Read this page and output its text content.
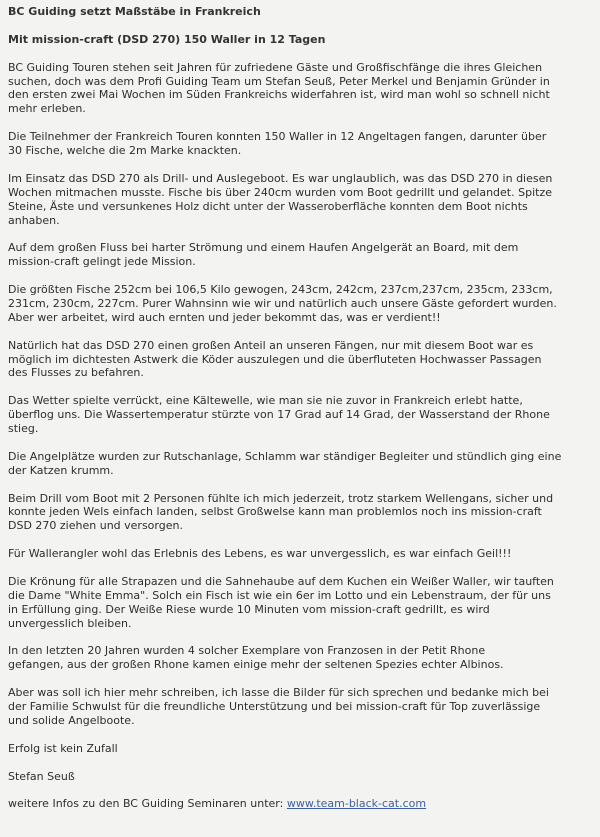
BC Guiding setzt Maßstäbe in Frankreich

Mit mission-craft (DSD 270) 150 Waller in 12 Tagen

BC Guiding Touren stehen seit Jahren für zufriedene Gäste und Großfischfänge die ihres Gleichen
suchen, doch was dem Profi Guiding Team um Stefan Seuß, Peter Merkel und Benjamin Gründer in
den ersten zwei Mai Wochen im Süden Frankreichs widerfahren ist, wird man wohl so schnell nicht
mehr erleben.

Die Teilnehmer der Frankreich Touren konnten 150 Waller in 12 Angeltagen fangen, darunter über
30 Fische, welche die 2m Marke knackten.

Im Einsatz das DSD 270 als Drill- und Auslegeboot. Es war unglaublich, was das DSD 270 in diesen
Wochen mitmachen musste. Fische bis über 240cm wurden vom Boot gedrillt und gelandet. Spitze
Steine, Äste und versunkenes Holz dicht unter der Wasseroberfläche konnten dem Boot nichts
anhaben.

Auf dem großen Fluss bei harter Strömung und einem Haufen Angelgerät an Board, mit dem
mission-craft gelingt jede Mission.

Die größten Fische 252cm bei 106,5 Kilo gewogen, 243cm, 242cm, 237cm,237cm, 235cm, 233cm,
231cm, 230cm, 227cm. Purer Wahnsinn wie wir und natürlich auch unsere Gäste gefordert wurden.
Aber wer arbeitet, wird auch ernten und jeder bekommt das, was er verdient!!

Natürlich hat das DSD 270 einen großen Anteil an unseren Fängen, nur mit diesem Boot war es
möglich im dichtesten Astwerk die Köder auszulegen und die überfluteten Hochwasser Passagen
des Flusses zu befahren.

Das Wetter spielte verrückt, eine Kältewelle, wie man sie nie zuvor in Frankreich erlebt hatte,
überflog uns. Die Wassertemperatur stürzte von 17 Grad auf 14 Grad, der Wasserstand der Rhone
stieg.

Die Angelplätze wurden zur Rutschanlage, Schlamm war ständiger Begleiter und stündlich ging eine
der Katzen krumm.

Beim Drill vom Boot mit 2 Personen fühlte ich mich jederzeit, trotz starkem Wellengans, sicher und
konnte jeden Wels einfach landen, selbst Großwelse kann man problemlos noch ins mission-craft
DSD 270 ziehen und versorgen.

Für Wallerangler wohl das Erlebnis des Lebens, es war unvergesslich, es war einfach Geil!!!

Die Krönung für alle Strapazen und die Sahnehaube auf dem Kuchen ein Weißer Waller, wir tauften
die Dame "White Emma". Solch ein Fisch ist wie ein 6er im Lotto und ein Lebenstraum, der für uns
in Erfüllung ging. Der Weiße Riese wurde 10 Minuten vom mission-craft gedrillt, es wird
unvergesslich bleiben.

In den letzten 20 Jahren wurden 4 solcher Exemplare von Franzosen in der Petit Rhone
gefangen, aus der großen Rhone kamen einige mehr der seltenen Spezies echter Albinos.

Aber was soll ich hier mehr schreiben, ich lasse die Bilder für sich sprechen und bedanke mich bei
der Familie Schwulst für die freundliche Unterstützung und bei mission-craft für Top zuverlässige
und solide Angelboote.

Erfolg ist kein Zufall

Stefan Seuß

weitere Infos zu den BC Guiding Seminaren unter: www.team-black-cat.com
